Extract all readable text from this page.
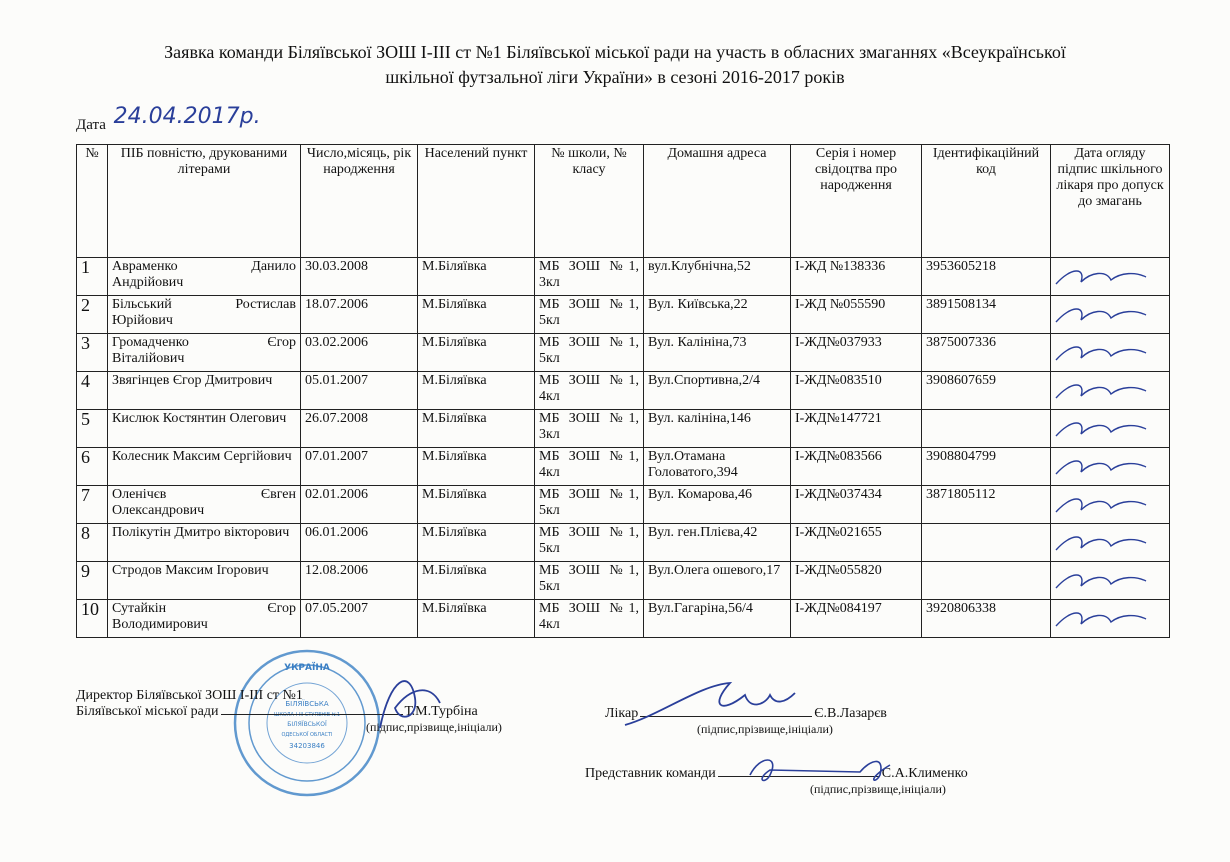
Заявка команди Біляївської ЗОШ І-ІІІ ст №1 Біляївської міської ради на участь в обласних змаганнях «Всеукраїнської
шкільної футзальної ліги України» в сезоні 2016-2017 років
Дата 24.04.2017р.
№	ПІБ повністю, друкованими літерами	Число,місяць, рік народження	Населений пункт	№ школи, № класу	Домашня адреса	Серія і номер свідоцтва про народження	Ідентифікаційний код	Дата огляду підпис шкільного лікаря про допуск до змагань
1	Авраменко Данило Андрійович	30.03.2008	М.Біляївка	МБ ЗОШ №1, 3кл	вул.Клубнічна,52	І-ЖД №138336	3953605218	

2	Більський Ростислав Юрійович	18.07.2006	М.Біляївка	МБ ЗОШ №1, 5кл	Вул. Київська,22	І-ЖД №055590	3891508134	

3	Громадченко Єгор Віталійович	03.02.2006	М.Біляївка	МБ ЗОШ №1, 5кл	Вул. Калініна,73	І-ЖД№037933	3875007336	

4	Звягінцев Єгор Дмитрович	05.01.2007	М.Біляївка	МБ ЗОШ №1, 4кл	Вул.Спортивна,2/4	І-ЖД№083510	3908607659	

5	Кислюк Костянтин Олегович	26.07.2008	М.Біляївка	МБ ЗОШ №1, 3кл	Вул. калініна,146	І-ЖД№147721		

6	Колесник Максим Сергійович	07.01.2007	М.Біляївка	МБ ЗОШ №1, 4кл	Вул.Отамана Головатого,394	І-ЖД№083566	3908804799	

7	Оленічєв Євген Олександрович	02.01.2006	М.Біляївка	МБ ЗОШ №1, 5кл	Вул. Комарова,46	І-ЖД№037434	3871805112	

8	Полікутін Дмитро вікторович	06.01.2006	М.Біляївка	МБ ЗОШ №1, 5кл	Вул. ген.Плієва,42	І-ЖД№021655		

9	Стродов Максим Ігорович	12.08.2006	М.Біляївка	МБ ЗОШ №1, 5кл	Вул.Олега ошевого,17	І-ЖД№055820		

10	Сутайкін Єгор Володимирович	07.05.2007	М.Біляївка	МБ ЗОШ №1, 4кл	Вул.Гагаріна,56/4	І-ЖД№084197	3920806338	
УКРАЇНА
БІЛЯЇВСЬКА
ШКОЛА І-ІІІ СТУПЕНІВ №1
БІЛЯЇВСЬКОЇ
ОДЕСЬКОЇ ОБЛАСТІ
34203846
Директор Біляївської ЗОШ І-ІІІ ст №1
Біляївської міської ради	Т.М.Турбіна
(підпис,прізвище,ініціали)
Лікар	Є.В.Лазарєв
(підпис,прізвище,ініціали)
Представник команди	С.А.Клименко
(підпис,прізвище,ініціали)
